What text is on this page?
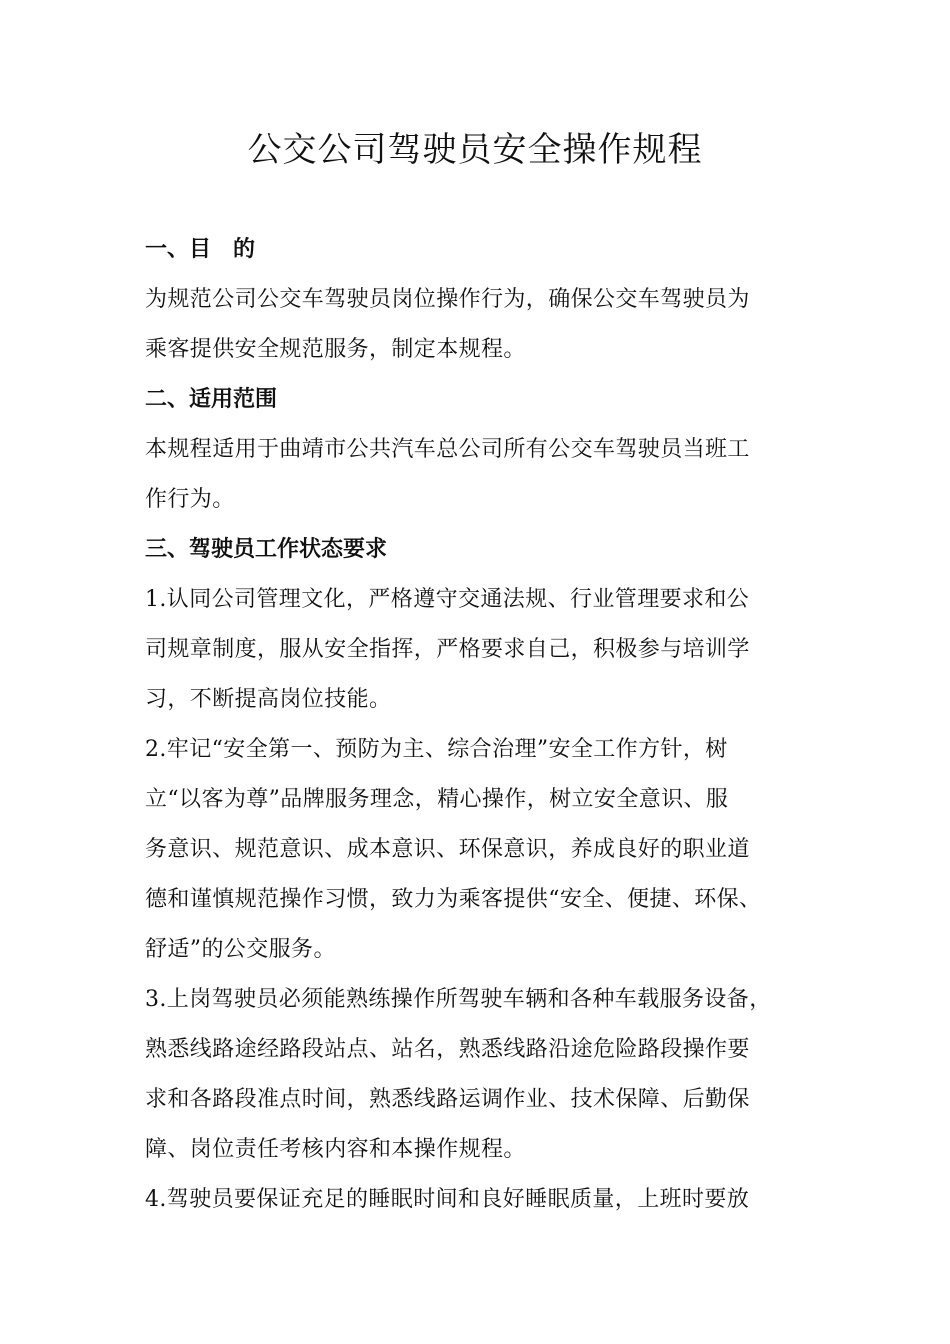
公交公司驾驶员安全操作规程

一、目　的

为规范公司公交车驾驶员岗位操作行为，确保公交车驾驶员为
乘客提供安全规范服务，制定本规程。

二、适用范围

本规程适用于曲靖市公共汽车总公司所有公交车驾驶员当班工
作行为。

三、驾驶员工作状态要求

1.认同公司管理文化，严格遵守交通法规、行业管理要求和公
司规章制度，服从安全指挥，严格要求自己，积极参与培训学
习，不断提高岗位技能。

2.牢记“安全第一、预防为主、综合治理”安全工作方针，树
立“以客为尊”品牌服务理念，精心操作，树立安全意识、服
务意识、规范意识、成本意识、环保意识，养成良好的职业道
德和谨慎规范操作习惯，致力为乘客提供“安全、便捷、环保、
舒适”的公交服务。

3.上岗驾驶员必须能熟练操作所驾驶车辆和各种车载服务设备，
熟悉线路途经路段站点、站名，熟悉线路沿途危险路段操作要
求和各路段准点时间，熟悉线路运调作业、技术保障、后勤保
障、岗位责任考核内容和本操作规程。

4.驾驶员要保证充足的睡眠时间和良好睡眠质量，上班时要放
